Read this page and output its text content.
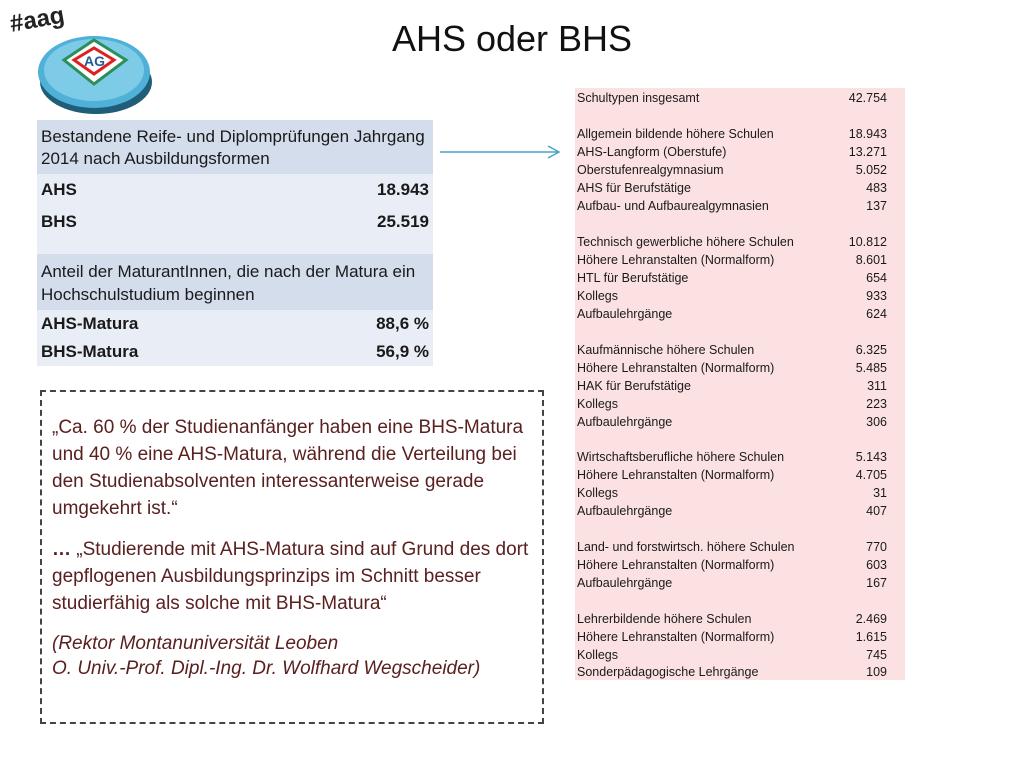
#aag
AG
AHS oder BHS
Bestandene Reife- und Diplomprüfungen Jahrgang 2014 nach Ausbildungsformen
AHS	18.943
BHS	25.519
Anteil der MaturantInnen, die nach der Matura ein Hochschulstudium beginnen
AHS-Matura	88,6 %
BHS-Matura	56,9 %

„Ca. 60 % der Studienanfänger haben eine BHS-Matura und 40 % eine AHS-Matura, während die Verteilung bei den Studienabsolventen interessanterweise gerade umgekehrt ist.“

… „Studierende mit AHS-Matura sind auf Grund des dort gepflogenen Ausbildungsprinzips im Schnitt besser studierfähig als solche mit BHS-Matura“

(Rektor Montanuniversität Leoben
O. Univ.-Prof. Dipl.-Ing. Dr. Wolfhard Wegscheider)
Schultypen insgesamt	42.754
Allgemein bildende höhere Schulen	18.943
AHS-Langform (Oberstufe)	13.271
Oberstufenrealgymnasium	5.052
AHS für Berufstätige	483
Aufbau- und Aufbaurealgymnasien	137
Technisch gewerbliche höhere Schulen	10.812
Höhere Lehranstalten (Normalform)	8.601
HTL für Berufstätige	654
Kollegs	933
Aufbaulehrgänge	624
Kaufmännische höhere Schulen	6.325
Höhere Lehranstalten (Normalform)	5.485
HAK für Berufstätige	311
Kollegs	223
Aufbaulehrgänge	306
Wirtschaftsberufliche höhere Schulen	5.143
Höhere Lehranstalten (Normalform)	4.705
Kollegs	31
Aufbaulehrgänge	407
Land- und forstwirtsch. höhere Schulen	770
Höhere Lehranstalten (Normalform)	603
Aufbaulehrgänge	167
Lehrerbildende höhere Schulen	2.469
Höhere Lehranstalten (Normalform)	1.615
Kollegs	745
Sonderpädagogische Lehrgänge	109
